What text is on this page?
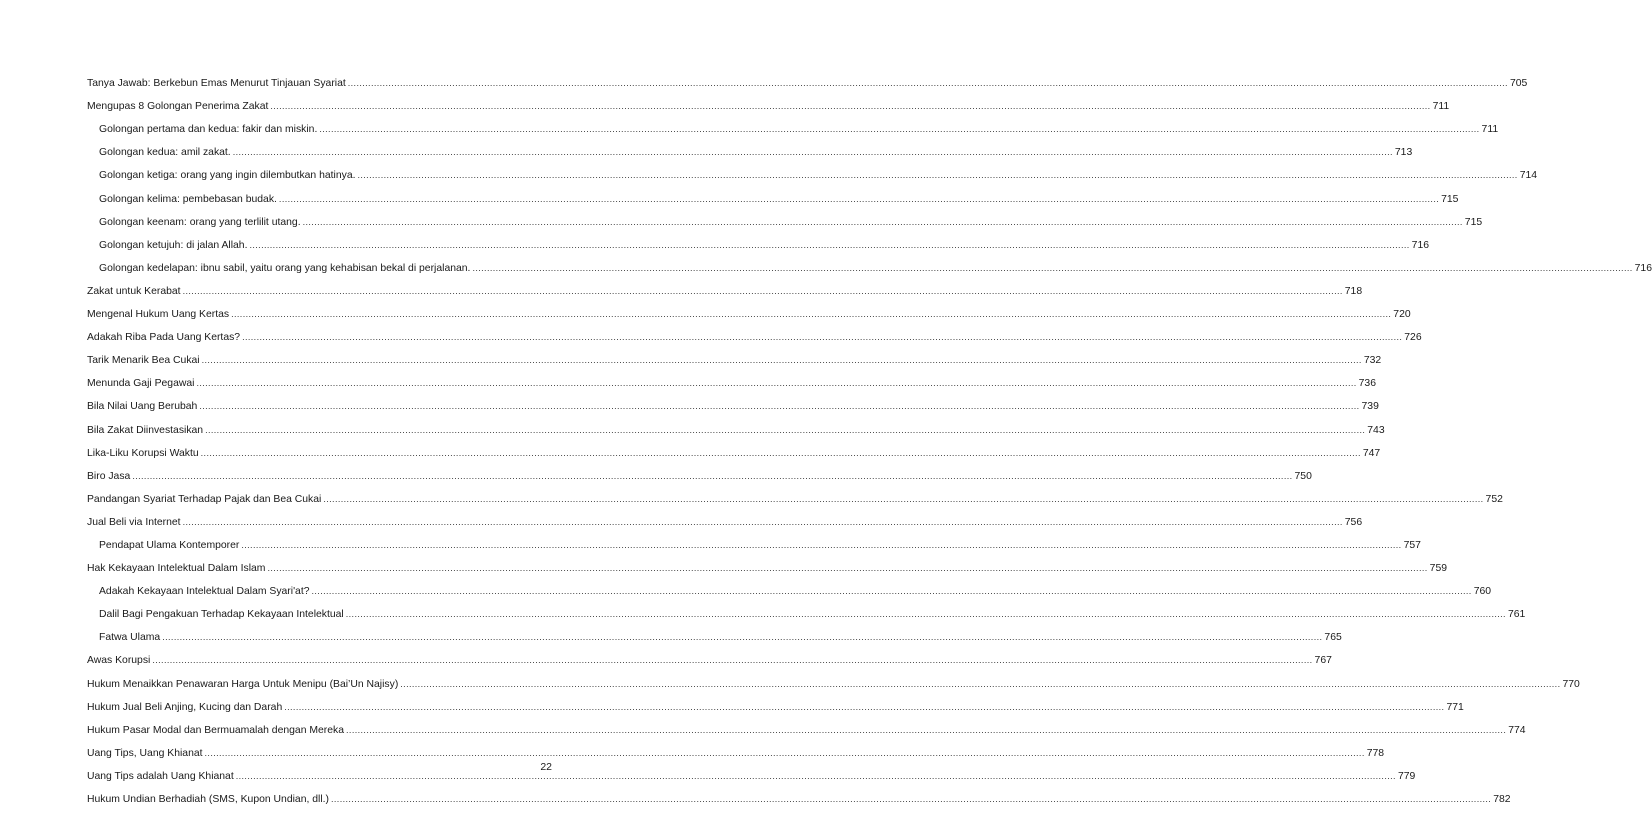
Tanya Jawab: Berkebun Emas Menurut Tinjauan Syariat ................................................................................................................................................................................................................................................................................................................................................................................................................ 705
Mengupas 8 Golongan Penerima Zakat ................................................................................................................................................................................................................................................................................................................................................................................................................ 711
Golongan pertama dan kedua: fakir dan miskin. ................................................................................................................................................................................................................................................................................................................................................................................................................ 711
Golongan kedua: amil zakat. ................................................................................................................................................................................................................................................................................................................................................................................................................ 713
Golongan ketiga: orang yang ingin dilembutkan hatinya. ................................................................................................................................................................................................................................................................................................................................................................................................................ 714
Golongan kelima: pembebasan budak. ................................................................................................................................................................................................................................................................................................................................................................................................................ 715
Golongan keenam: orang yang terlilit utang. ................................................................................................................................................................................................................................................................................................................................................................................................................ 715
Golongan ketujuh: di jalan Allah. ................................................................................................................................................................................................................................................................................................................................................................................................................ 716
Golongan kedelapan: ibnu sabil, yaitu orang yang kehabisan bekal di perjalanan. ................................................................................................................................................................................................................................................................................................................................................................................................................ 716
Zakat untuk Kerabat ................................................................................................................................................................................................................................................................................................................................................................................................................ 718
Mengenal Hukum Uang Kertas ................................................................................................................................................................................................................................................................................................................................................................................................................ 720
Adakah Riba Pada Uang Kertas? ................................................................................................................................................................................................................................................................................................................................................................................................................ 726
Tarik Menarik Bea Cukai ................................................................................................................................................................................................................................................................................................................................................................................................................ 732
Menunda Gaji Pegawai ................................................................................................................................................................................................................................................................................................................................................................................................................ 736
Bila Nilai Uang Berubah ................................................................................................................................................................................................................................................................................................................................................................................................................ 739
Bila Zakat Diinvestasikan ................................................................................................................................................................................................................................................................................................................................................................................................................ 743
Lika-Liku Korupsi Waktu ................................................................................................................................................................................................................................................................................................................................................................................................................ 747
Biro Jasa ................................................................................................................................................................................................................................................................................................................................................................................................................ 750
Pandangan Syariat Terhadap Pajak dan Bea Cukai ................................................................................................................................................................................................................................................................................................................................................................................................................ 752
Jual Beli via Internet ................................................................................................................................................................................................................................................................................................................................................................................................................ 756
Pendapat Ulama Kontemporer ................................................................................................................................................................................................................................................................................................................................................................................................................ 757
Hak Kekayaan Intelektual Dalam Islam ................................................................................................................................................................................................................................................................................................................................................................................................................ 759
Adakah Kekayaan Intelektual Dalam Syari'at? ................................................................................................................................................................................................................................................................................................................................................................................................................ 760
Dalil Bagi Pengakuan Terhadap Kekayaan Intelektual ................................................................................................................................................................................................................................................................................................................................................................................................................ 761
Fatwa Ulama ................................................................................................................................................................................................................................................................................................................................................................................................................ 765
Awas Korupsi ................................................................................................................................................................................................................................................................................................................................................................................................................ 767
Hukum Menaikkan Penawaran Harga Untuk Menipu (Bai’Un Najisy) ................................................................................................................................................................................................................................................................................................................................................................................................................ 770
Hukum Jual Beli Anjing, Kucing dan Darah ................................................................................................................................................................................................................................................................................................................................................................................................................ 771
Hukum Pasar Modal dan Bermuamalah dengan Mereka ................................................................................................................................................................................................................................................................................................................................................................................................................ 774
Uang Tips, Uang Khianat ................................................................................................................................................................................................................................................................................................................................................................................................................ 778
Uang Tips adalah Uang Khianat ................................................................................................................................................................................................................................................................................................................................................................................................................ 779
Hukum Undian Berhadiah (SMS, Kupon Undian, dll.) ................................................................................................................................................................................................................................................................................................................................................................................................................ 782
22
